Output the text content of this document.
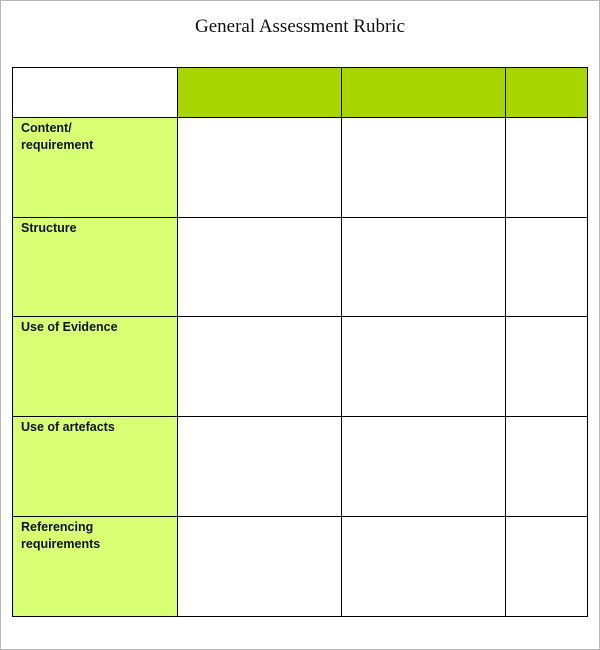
General Assessment Rubric

Content/
requirement			

Structure			

Use of Evidence			

Use of artefacts			

Referencing
requirements			
